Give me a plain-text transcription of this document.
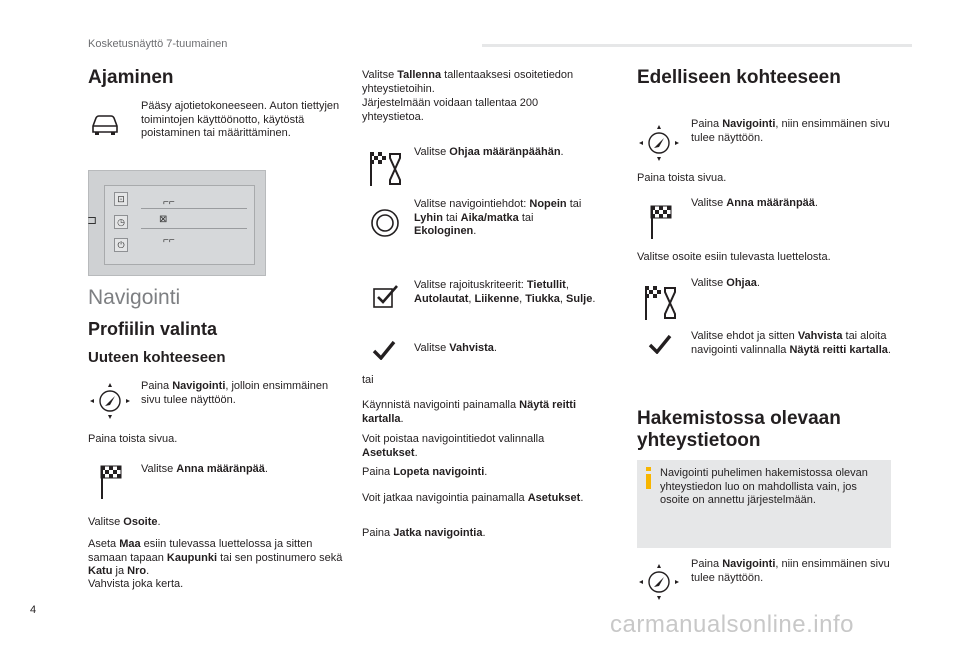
Kosketusnäyttö 7-tuumainen
Ajaminen

Pääsy ajotietokoneeseen. Auton tiettyjen toimintojen käyttöönotto, käytöstä poistaminen tai määrittäminen.

⊡
◷
⏻
⌐⌐
⊠
⌐⌐
⊐
Navigointi
Profiilin valinta
Uuteen kohteeseen

Paina Navigointi, jolloin ensimmäinen sivu tulee näyttöön.

Paina toista sivua.

Valitse Anna määränpää.

Valitse Osoite.

Aseta Maa esiin tulevassa luettelossa ja sitten samaan tapaan Kaupunki tai sen postinumero sekä Katu ja Nro.

Vahvista joka kerta.

Valitse Tallenna tallentaaksesi osoitetiedon yhteystietoihin.

Järjestelmään voidaan tallentaa 200 yhteystietoa.

Valitse Ohjaa määränpäähän.

Valitse navigointiehdot: Nopein tai Lyhin tai Aika/matka tai Ekologinen.

Valitse rajoituskriteerit: Tietullit, Autolautat, Liikenne, Tiukka, Sulje.

Valitse Vahvista.

tai

Käynnistä navigointi painamalla Näytä reitti kartalla.

Voit poistaa navigointitiedot valinnalla Asetukset.

Paina Lopeta navigointi.

Voit jatkaa navigointia painamalla Asetukset.

Paina Jatka navigointia.

Edelliseen kohteeseen

Paina Navigointi, niin ensimmäinen sivu tulee näyttöön.

Paina toista sivua.

Valitse Anna määränpää.

Valitse osoite esiin tulevasta luettelosta.

Valitse Ohjaa.

Valitse ehdot ja sitten Vahvista tai aloita navigointi valinnalla Näytä reitti kartalla.

Hakemistossa olevaan yhteystietoon

Navigointi puhelimen hakemistossa olevan yhteystiedon luo on mahdollista vain, jos osoite on annettu järjestelmään.

Paina Navigointi, niin ensimmäinen sivu tulee näyttöön.

4
carmanualsonline.info
